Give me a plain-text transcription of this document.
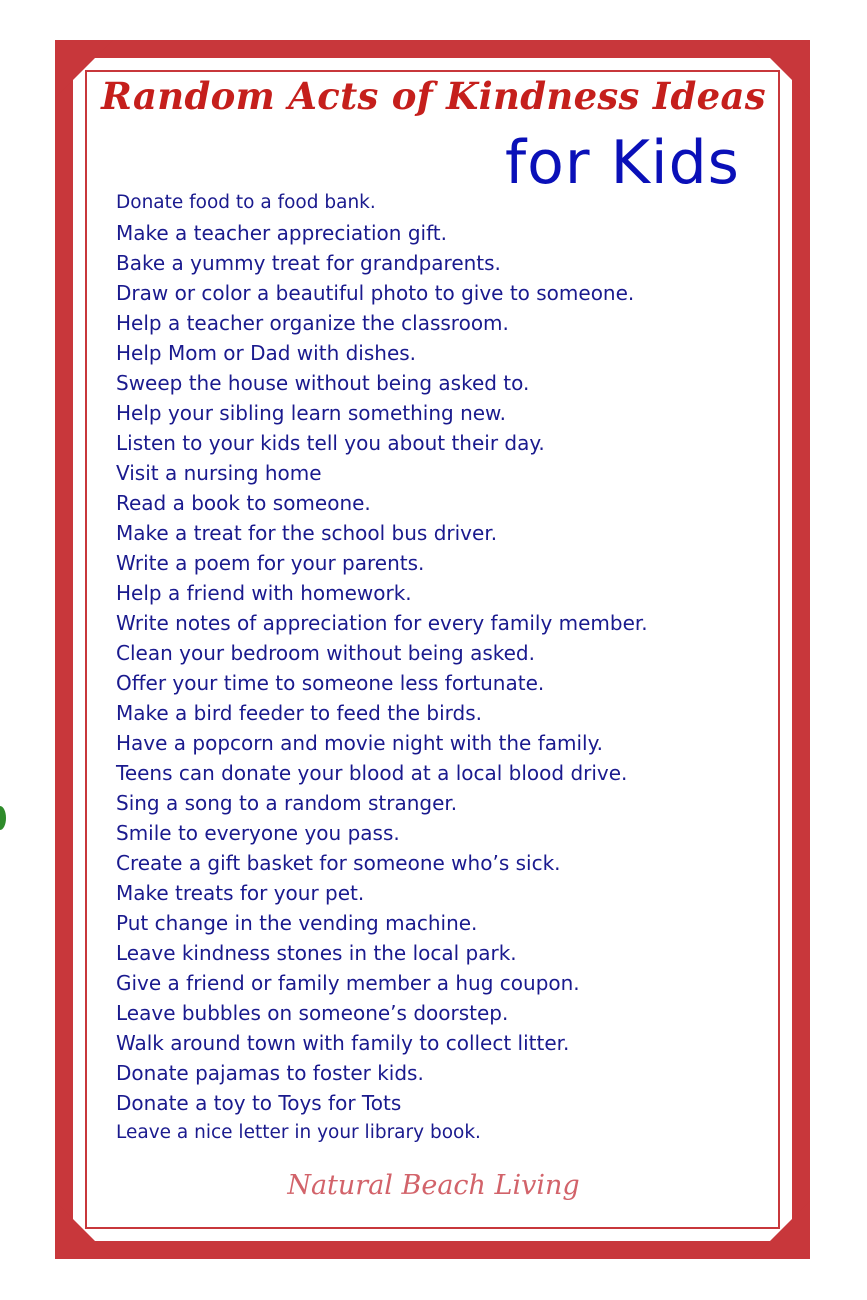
Random Acts of Kindness Ideas
for Kids
Donate food to a food bank.
Make a teacher appreciation gift.
Bake a yummy treat for grandparents.
Draw or color a beautiful photo to give to someone.
Help a teacher organize the classroom.
Help Mom or Dad with dishes.
Sweep the house without being asked to.
Help your sibling learn something new.
Listen to your kids tell you about their day.
Visit a nursing home
Read a book to someone.
Make a treat for the school bus driver.
Write a poem for your parents.
Help a friend with homework.
Write notes of appreciation for every family member.
Clean your bedroom without being asked.
Offer your time to someone less fortunate.
Make a bird feeder to feed the birds.
Have a popcorn and movie night with the family.
Teens can donate your blood at a local blood drive.
Sing a song to a random stranger.
Smile to everyone you pass.
Create a gift basket for someone who’s sick.
Make treats for your pet.
Put change in the vending machine.
Leave kindness stones in the local park.
Give a friend or family member a hug coupon.
Leave bubbles on someone’s doorstep.
Walk around town with family to collect litter.
Donate pajamas to foster kids.
Donate a toy to Toys for Tots
Leave a nice letter in your library book.
Natural Beach Living
